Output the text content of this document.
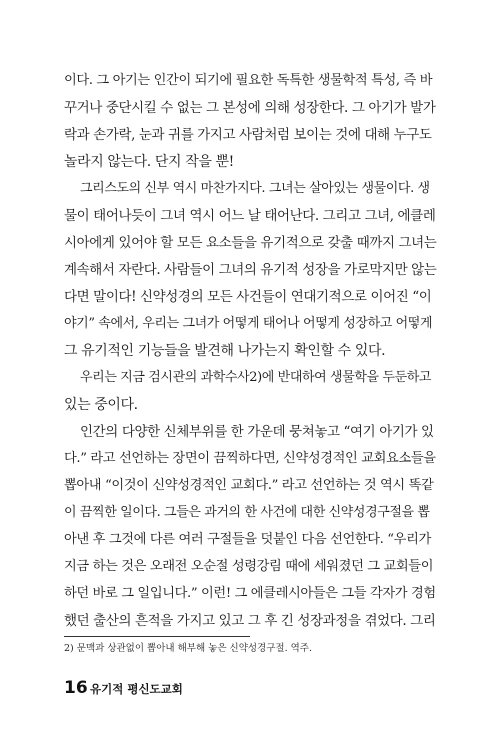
이다. 그 아기는 인간이 되기에 필요한 독특한 생물학적 특성, 즉 바
꾸거나 중단시킬 수 없는 그 본성에 의해 성장한다. 그 아기가 발가
락과 손가락, 눈과 귀를 가지고 사람처럼 보이는 것에 대해 누구도
놀라지 않는다. 단지 작을 뿐!
그리스도의 신부 역시 마찬가지다. 그녀는 살아있는 생물이다. 생
물이 태어나듯이 그녀 역시 어느 날 태어난다. 그리고 그녀, 에클레
시아에게 있어야 할 모든 요소들을 유기적으로 갖출 때까지 그녀는
계속해서 자란다. 사람들이 그녀의 유기적 성장을 가로막지만 않는
다면 말이다! 신약성경의 모든 사건들이 연대기적으로 이어진 “이
야기” 속에서, 우리는 그녀가 어떻게 태어나 어떻게 성장하고 어떻게
그 유기적인 기능들을 발견해 나가는지 확인할 수 있다.
우리는 지금 검시관의 과학수사2)에 반대하여 생물학을 두둔하고
있는 중이다.
인간의 다양한 신체부위를 한 가운데 뭉쳐놓고 “여기 아기가 있
다.” 라고 선언하는 장면이 끔찍하다면, 신약성경적인 교회요소들을
뽑아내 “이것이 신약성경적인 교회다.” 라고 선언하는 것 역시 똑같
이 끔찍한 일이다. 그들은 과거의 한 사건에 대한 신약성경구절을 뽑
아낸 후 그것에 다른 여러 구절들을 덧붙인 다음 선언한다. “우리가
지금 하는 것은 오래전 오순절 성령강림 때에 세워졌던 그 교회들이
하던 바로 그 일입니다.” 이런! 그 에클레시아들은 그들 각자가 경험
했던 출산의 흔적을 가지고 있고 그 후 긴 성장과정을 겪었다. 그리
2) 문맥과 상관없이 뽑아내 해부해 놓은 신약성경구절. 역주.
16 유기적 평신도교회
